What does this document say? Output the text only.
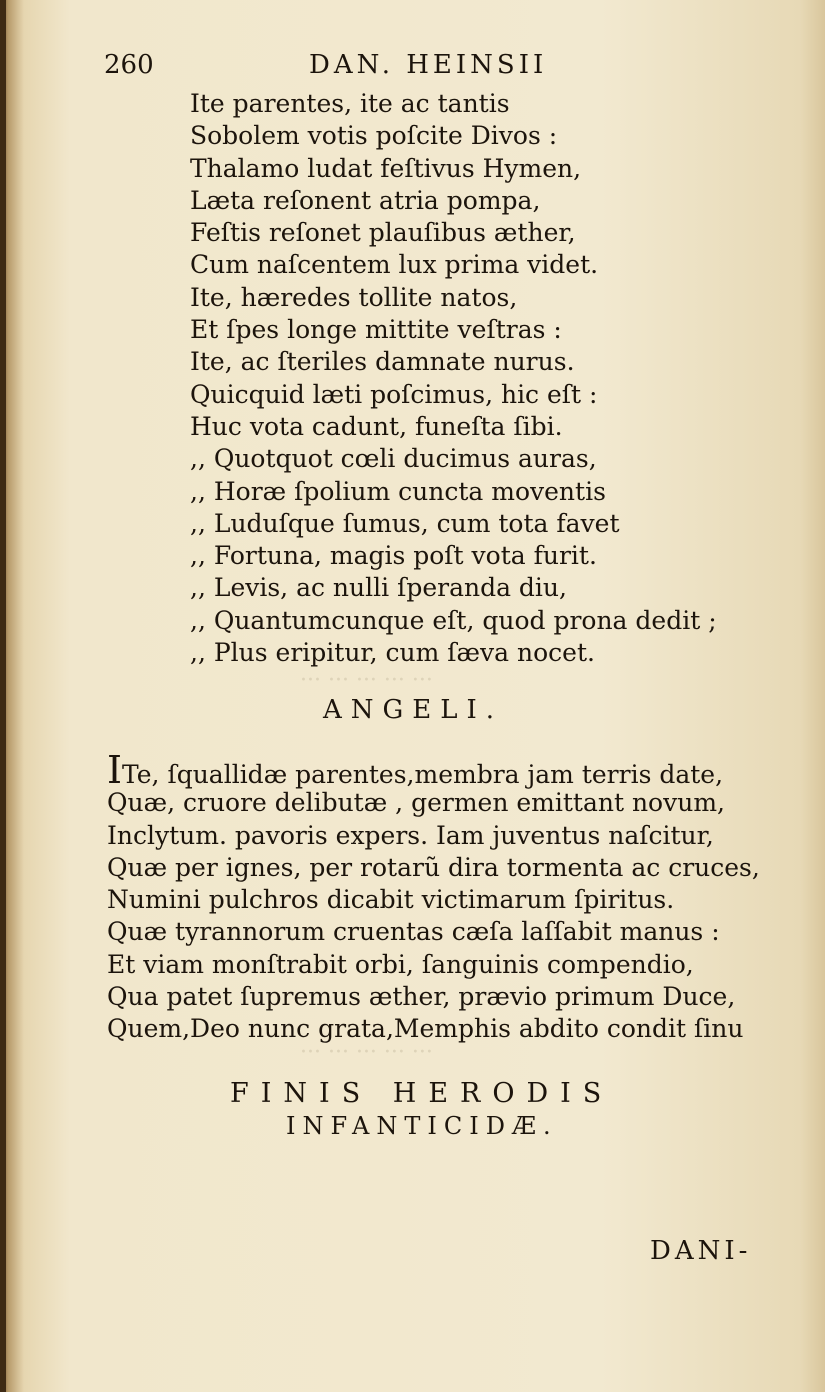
··· ··· ··· ··· ···
··· ··· ··· ··· ···
260	DAN. HEINSII
Ite parentes, ite ac tantis
Sobolem votis poſcite Divos :
Thalamo ludat feſtivus Hymen,
Læta reſonent atria pompa,
Feſtis reſonet plauſibus æther,
Cum naſcentem lux prima videt.
Ite, hæredes tollite natos,
Et ſpes longe mittite veſtras :
Ite, ac ſteriles damnate nurus.
Quicquid læti poſcimus, hic eſt :
Huc vota cadunt, funeſta ſibi.
,, Quotquot cœli ducimus auras,
,, Horæ ſpolium cuncta moventis
,, Luduſque ſumus, cum tota favet
,, Fortuna, magis poſt vota furit.
,, Levis, ac nulli ſperanda diu,
,, Quantumcunque eſt, quod prona dedit ;
,, Plus eripitur, cum ſæva nocet.
ANGELI.
ITe, ſquallidæ parentes,membra jam terris date,
Quæ, cruore delibutæ , germen emittant novum,
Inclytum. pavoris expers. Iam juventus naſcitur,
Quæ per ignes, per rotarũ dira tormenta ac cruces,
Numini pulchros dicabit victimarum ſpiritus.
Quæ tyrannorum cruentas cæſa laſſabit manus :
Et viam monſtrabit orbi, ſanguinis compendio,
Qua patet ſupremus æther, prævio primum Duce,
Quem,Deo nunc grata,Memphis abdito condit ſinu
FINIS HERODIS
INFANTICIDÆ.
DANI-
